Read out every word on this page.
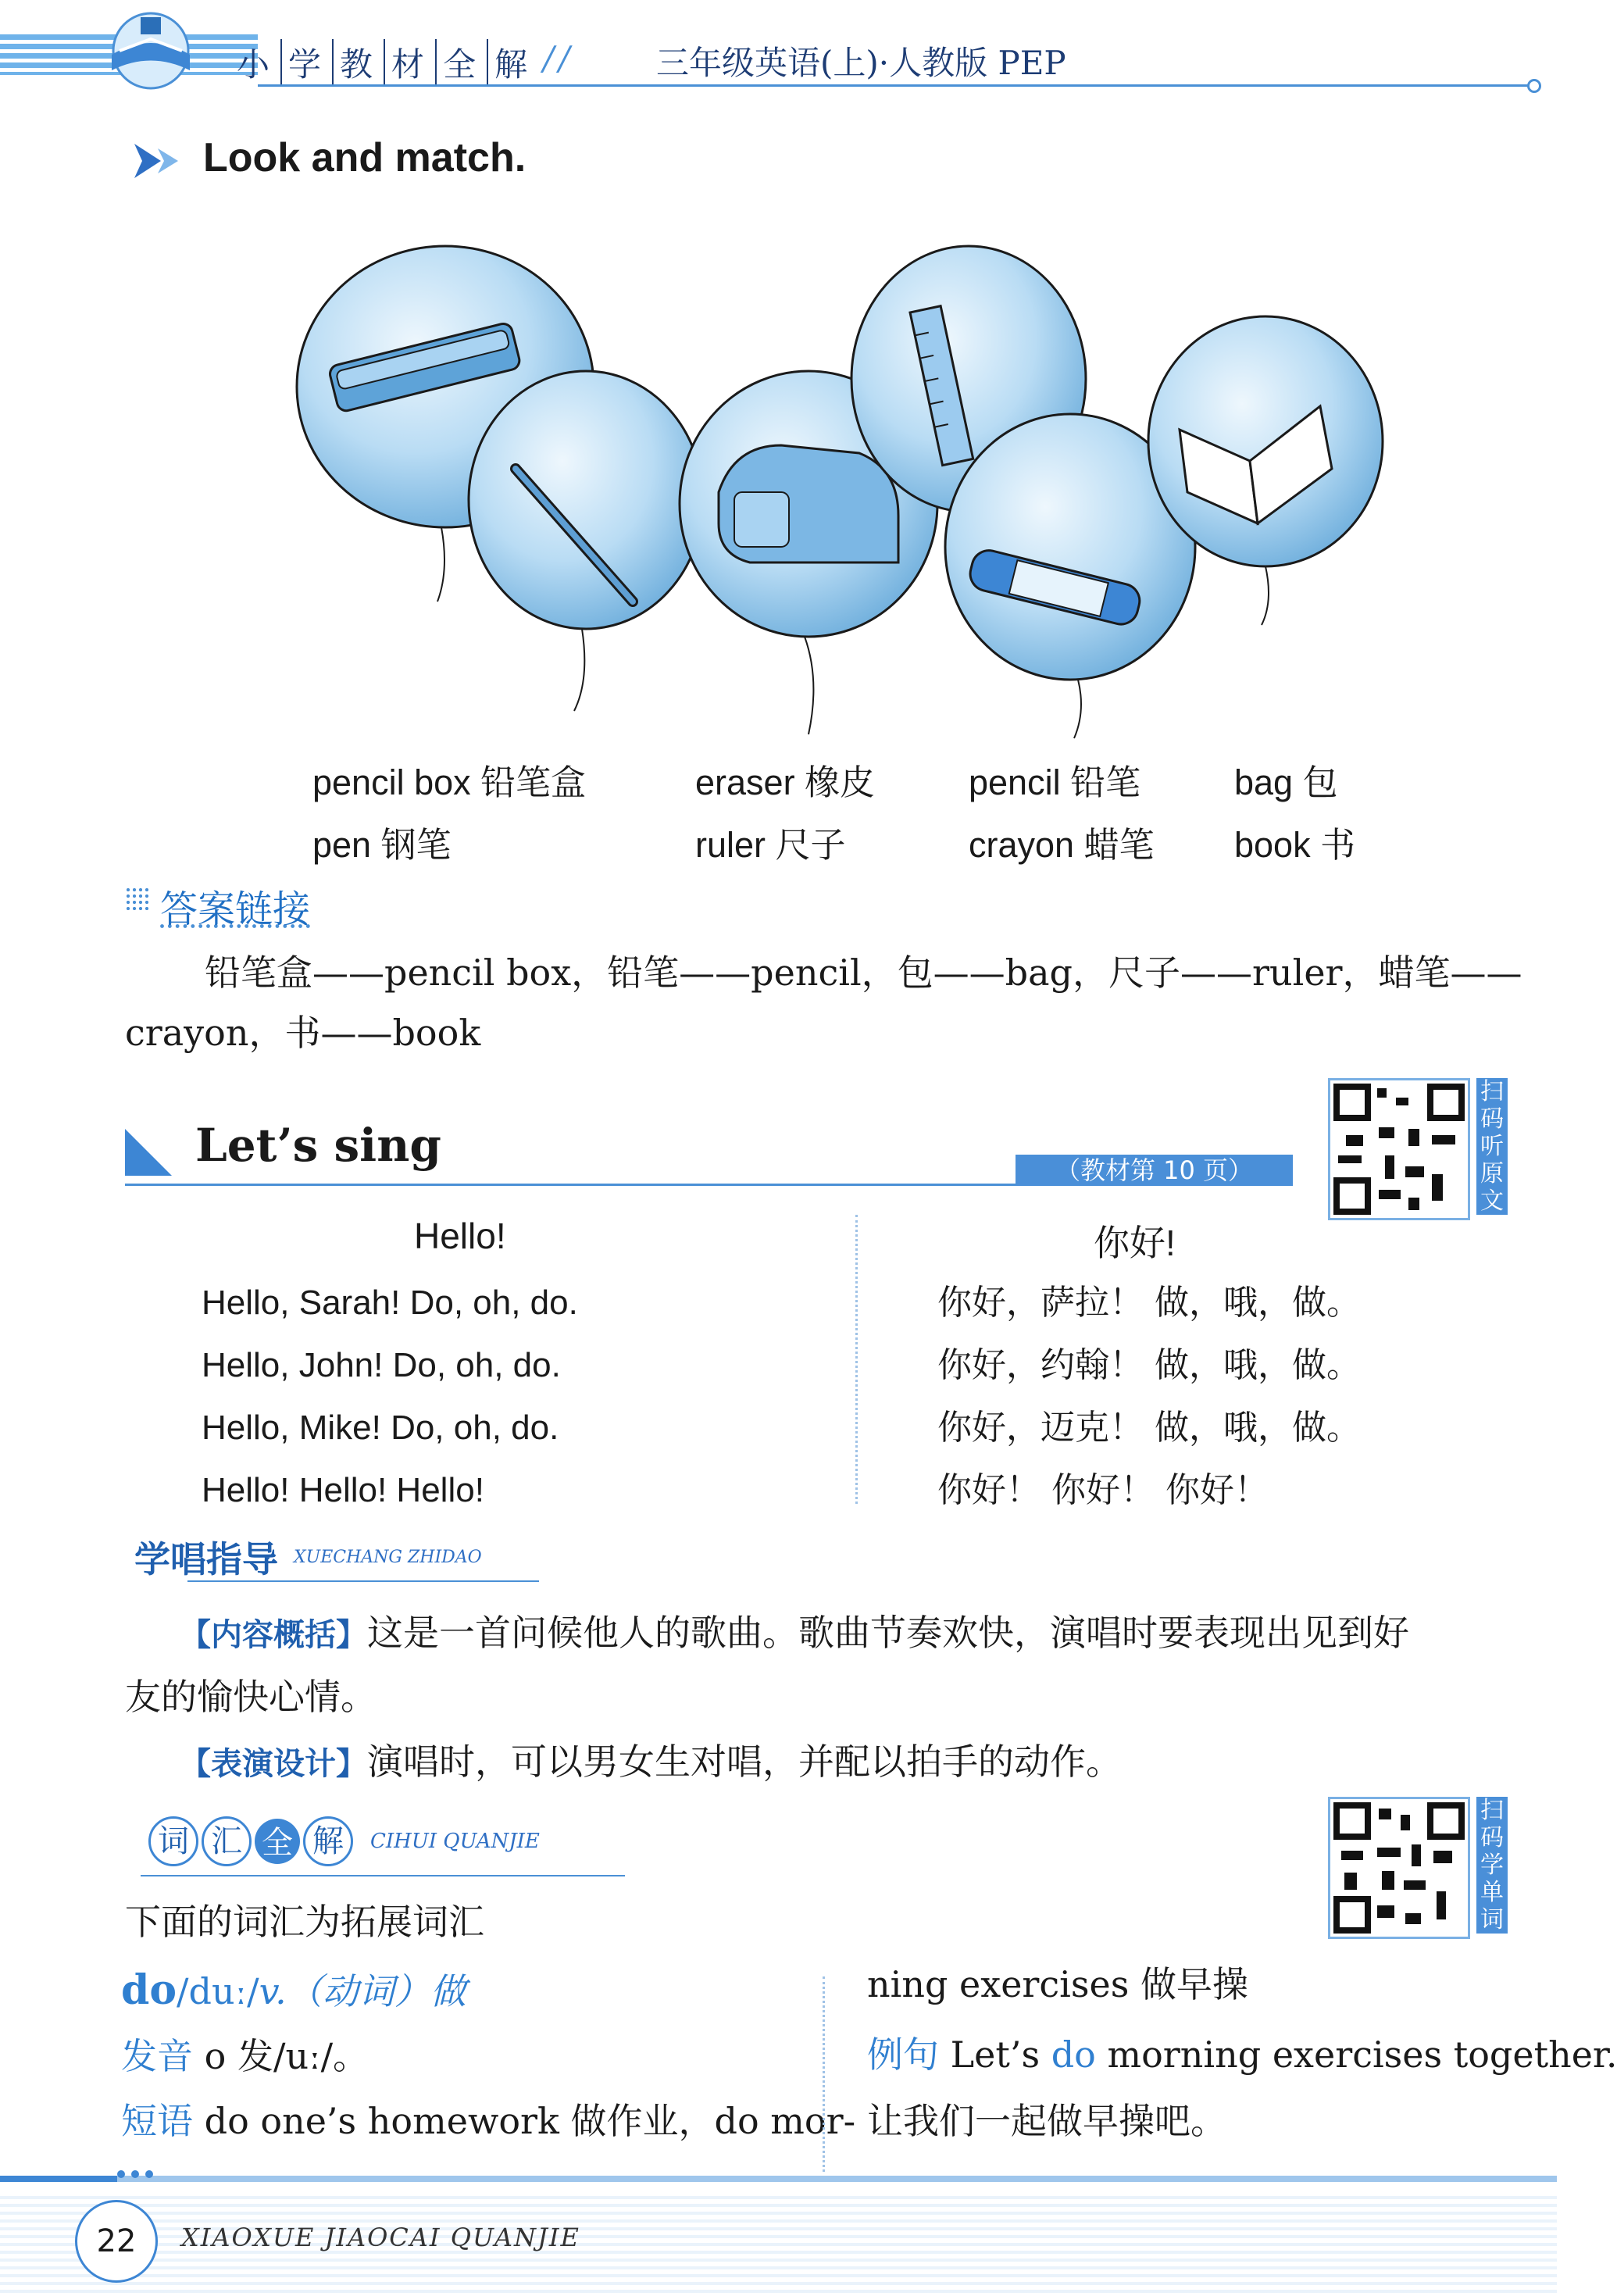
小 学 教 材 全 解 // 三年级英语(上)·人教版 PEP
Look and match.
pencil box 铅笔盒	eraser 橡皮	pencil 铅笔	bag 包
pen 钢笔	ruler 尺子	crayon 蜡笔 book 书
答案链接
铅笔盒——pencil box，铅笔——pencil，包——bag，尺子——ruler，蜡笔——
crayon，书——book
Let’s sing	（教材第 10 页）
扫
码
听
原
文
Hello!	你好!
Hello, Sarah! Do, oh, do.
Hello, John! Do, oh, do.
Hello, Mike! Do, oh, do.
Hello! Hello! Hello!
你好，萨拉！ 做，哦，做。
你好，约翰！ 做，哦，做。
你好，迈克！ 做，哦，做。
你好！ 你好！ 你好！
学唱指导 XUECHANG ZHIDAO
【内容概括】这是一首问候他人的歌曲。歌曲节奏欢快，演唱时要表现出见到好
友的愉快心情。
【表演设计】演唱时，可以男女生对唱，并配以拍手的动作。
词 汇 全 解	CIHUI QUANJIE
扫
码
学
单
词
下面的词汇为拓展词汇
do/duː/v.（动词）做
发音 o 发/uː/。
短语 do one’s homework 做作业，do mor-
ning exercises 做早操
例句 Let’s do morning exercises together.
让我们一起做早操吧。
22	XIAOXUE JIAOCAI QUANJIE
